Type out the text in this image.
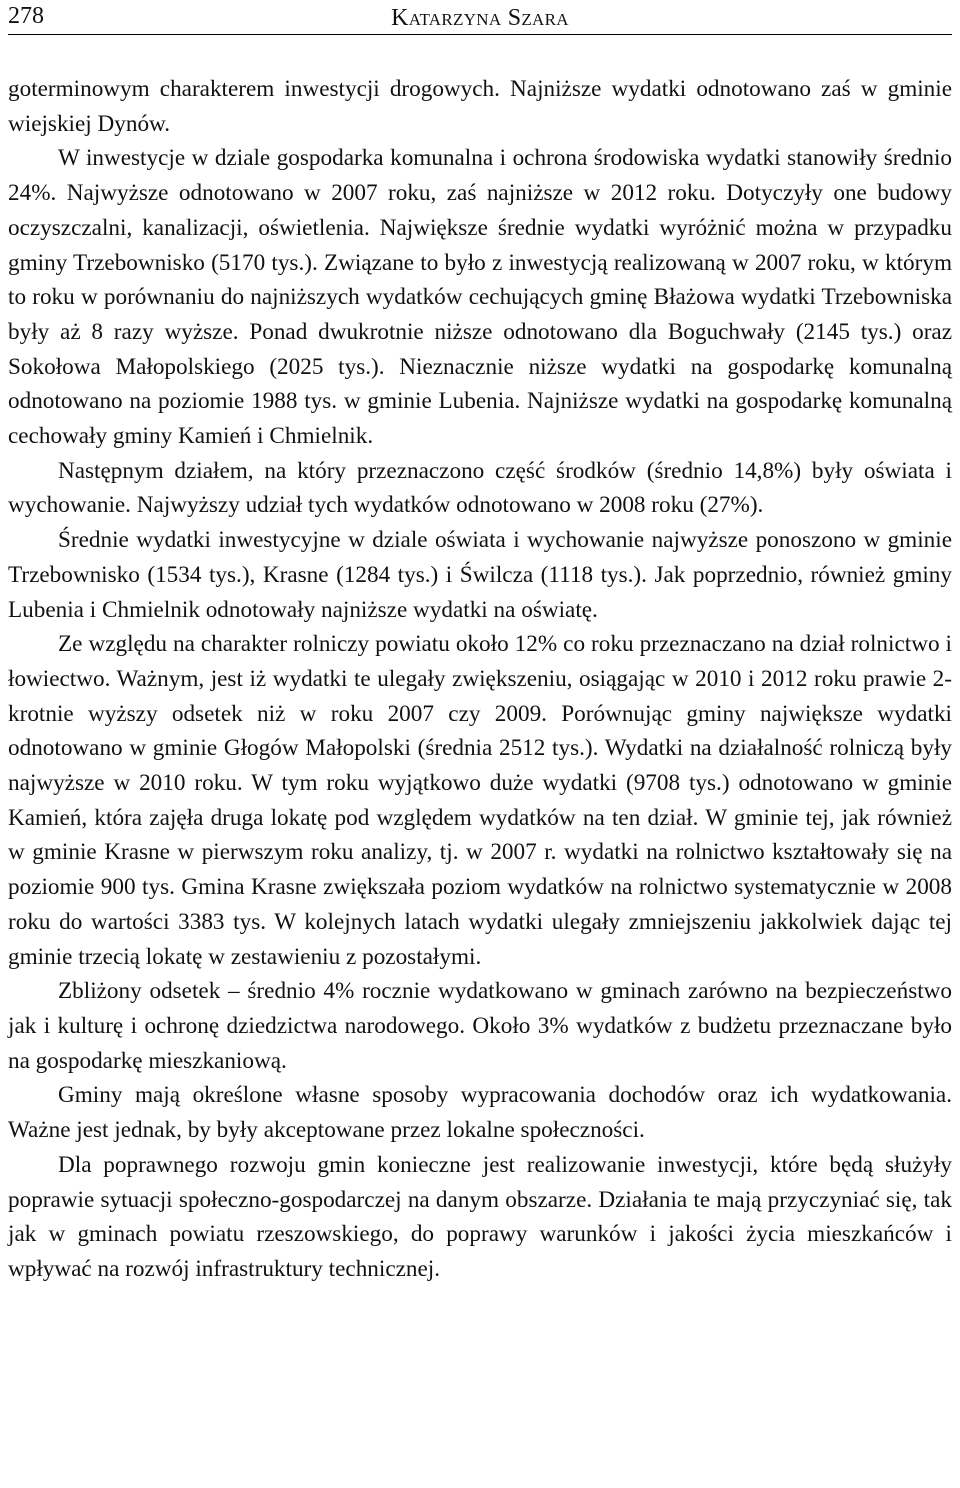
278	Katarzyna Szara

goterminowym charakterem inwestycji drogowych. Najniższe wydatki odnotowano zaś w gminie wiejskiej Dynów.

W inwestycje w dziale gospodarka komunalna i ochrona środowiska wydatki stanowiły średnio 24%. Najwyższe odnotowano w 2007 roku, zaś najniższe w 2012 roku. Dotyczyły one budowy oczyszczalni, kanalizacji, oświetlenia. Największe średnie wydatki wyróżnić można w przypadku gminy Trzebownisko (5170 tys.). Związane to było z inwestycją realizowaną w 2007 roku, w którym to roku w porównaniu do najniższych wydatków cechujących gminę Błażowa wydatki Trzebowniska były aż 8 razy wyższe. Ponad dwukrotnie niższe odnotowano dla Boguchwały (2145 tys.) oraz Sokołowa Małopolskiego (2025 tys.). Nieznacznie niższe wydatki na gospodarkę komunalną odnotowano na poziomie 1988 tys. w gminie Lubenia. Najniższe wydatki na gospodarkę komunalną cechowały gminy Kamień i Chmielnik.

Następnym działem, na który przeznaczono część środków (średnio 14,8%) były oświata i wychowanie. Najwyższy udział tych wydatków odnotowano w 2008 roku (27%).

Średnie wydatki inwestycyjne w dziale oświata i wychowanie najwyższe ponoszono w gminie Trzebownisko (1534 tys.), Krasne (1284 tys.) i Świlcza (1118 tys.). Jak poprzednio, również gminy Lubenia i Chmielnik odnotowały najniższe wydatki na oświatę.

Ze względu na charakter rolniczy powiatu około 12% co roku przeznaczano na dział rolnictwo i łowiectwo. Ważnym, jest iż wydatki te ulegały zwiększeniu, osiągając w 2010 i 2012 roku prawie 2-krotnie wyższy odsetek niż w roku 2007 czy 2009. Porównując gminy największe wydatki odnotowano w gminie Głogów Małopolski (średnia 2512 tys.). Wydatki na działalność rolniczą były najwyższe w 2010 roku. W tym roku wyjątkowo duże wydatki (9708 tys.) odnotowano w gminie Kamień, która zajęła druga lokatę pod względem wydatków na ten dział. W gminie tej, jak również w gminie Krasne w pierwszym roku analizy, tj. w 2007 r. wydatki na rolnictwo kształtowały się na poziomie 900 tys. Gmina Krasne zwiększała poziom wydatków na rolnictwo systematycznie w 2008 roku do wartości 3383 tys. W kolejnych latach wydatki ulegały zmniejszeniu jakkolwiek dając tej gminie trzecią lokatę w zestawieniu z pozostałymi.

Zbliżony odsetek – średnio 4% rocznie wydatkowano w gminach zarówno na bezpieczeństwo jak i kulturę i ochronę dziedzictwa narodowego. Około 3% wydatków z budżetu przeznaczane było na gospodarkę mieszkaniową.

Gminy mają określone własne sposoby wypracowania dochodów oraz ich wydatkowania. Ważne jest jednak, by były akceptowane przez lokalne społeczności.

Dla poprawnego rozwoju gmin konieczne jest realizowanie inwestycji, które będą służyły poprawie sytuacji społeczno-gospodarczej na danym obszarze. Działania te mają przyczyniać się, tak jak w gminach powiatu rzeszowskiego, do poprawy warunków i jakości życia mieszkańców i wpływać na rozwój infrastruktury technicznej.
